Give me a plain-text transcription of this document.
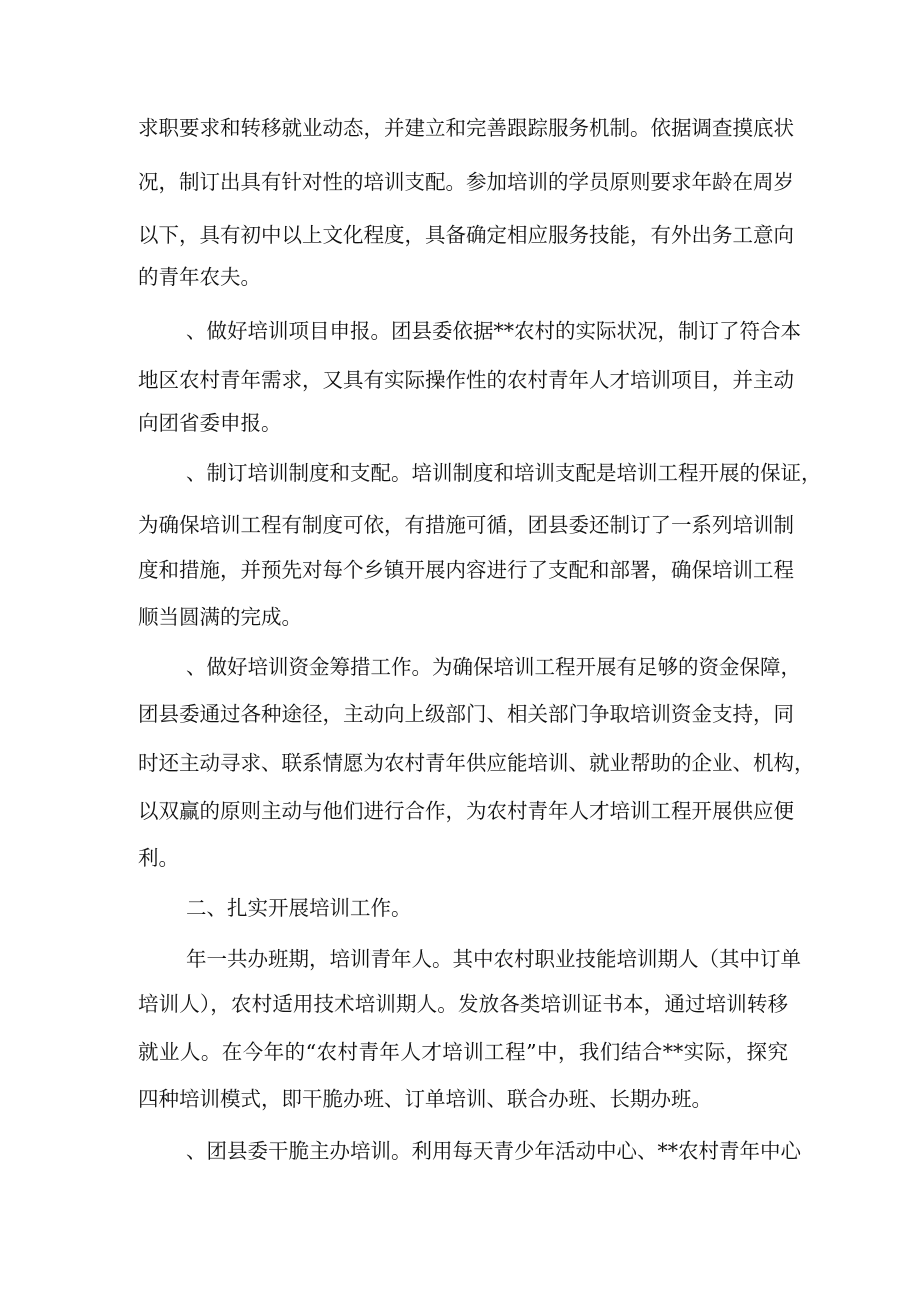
求职要求和转移就业动态，并建立和完善跟踪服务机制。依据调查摸底状
况，制订出具有针对性的培训支配。参加培训的学员原则要求年龄在周岁
以下，具有初中以上文化程度，具备确定相应服务技能，有外出务工意向
的青年农夫。
、做好培训项目申报。团县委依据**农村的实际状况，制订了符合本
地区农村青年需求，又具有实际操作性的农村青年人才培训项目，并主动
向团省委申报。
、制订培训制度和支配。培训制度和培训支配是培训工程开展的保证，
为确保培训工程有制度可依，有措施可循，团县委还制订了一系列培训制
度和措施，并预先对每个乡镇开展内容进行了支配和部署，确保培训工程
顺当圆满的完成。
、做好培训资金筹措工作。为确保培训工程开展有足够的资金保障，
团县委通过各种途径，主动向上级部门、相关部门争取培训资金支持，同
时还主动寻求、联系情愿为农村青年供应能培训、就业帮助的企业、机构，
以双赢的原则主动与他们进行合作，为农村青年人才培训工程开展供应便
利。
二、扎实开展培训工作。
年一共办班期，培训青年人。其中农村职业技能培训期人（其中订单
培训人），农村适用技术培训期人。发放各类培训证书本，通过培训转移
就业人。在今年的“农村青年人才培训工程”中，我们结合**实际，探究
四种培训模式，即干脆办班、订单培训、联合办班、长期办班。
、团县委干脆主办培训。利用每天青少年活动中心、**农村青年中心
